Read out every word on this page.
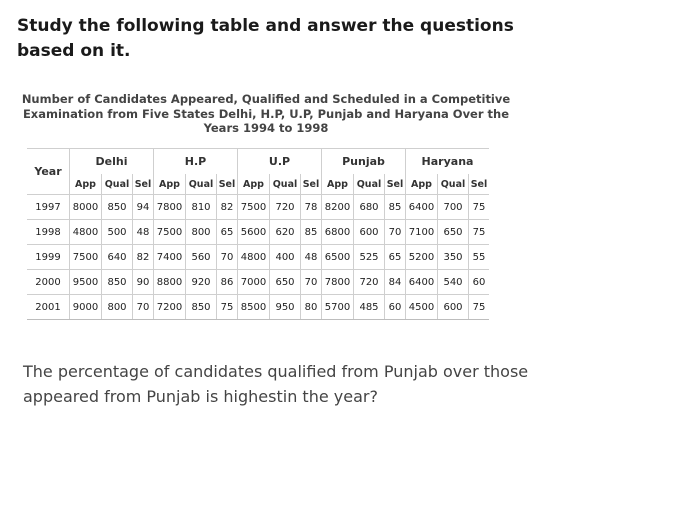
Study the following table and answer the questions based on it.
Number of Candidates Appeared, Qualified and Scheduled in a Competitive Examination from Five States Delhi, H.P, U.P, Punjab and Haryana Over the Years 1994 to 1998
Year	Delhi			H.P			U.P			Punjab			Haryana		
	App	Qual	Sel	App	Qual	Sel	App	Qual	Sel	App	Qual	Sel	App	Qual	Sel
1997	8000	850	94	7800	810	82	7500	720	78	8200	680	85	6400	700	75
1998	4800	500	48	7500	800	65	5600	620	85	6800	600	70	7100	650	75
1999	7500	640	82	7400	560	70	4800	400	48	6500	525	65	5200	350	55
2000	9500	850	90	8800	920	86	7000	650	70	7800	720	84	6400	540	60
2001	9000	800	70	7200	850	75	8500	950	80	5700	485	60	4500	600	75
The percentage of candidates qualified from Punjab over those appeared from Punjab is highestin the year?
